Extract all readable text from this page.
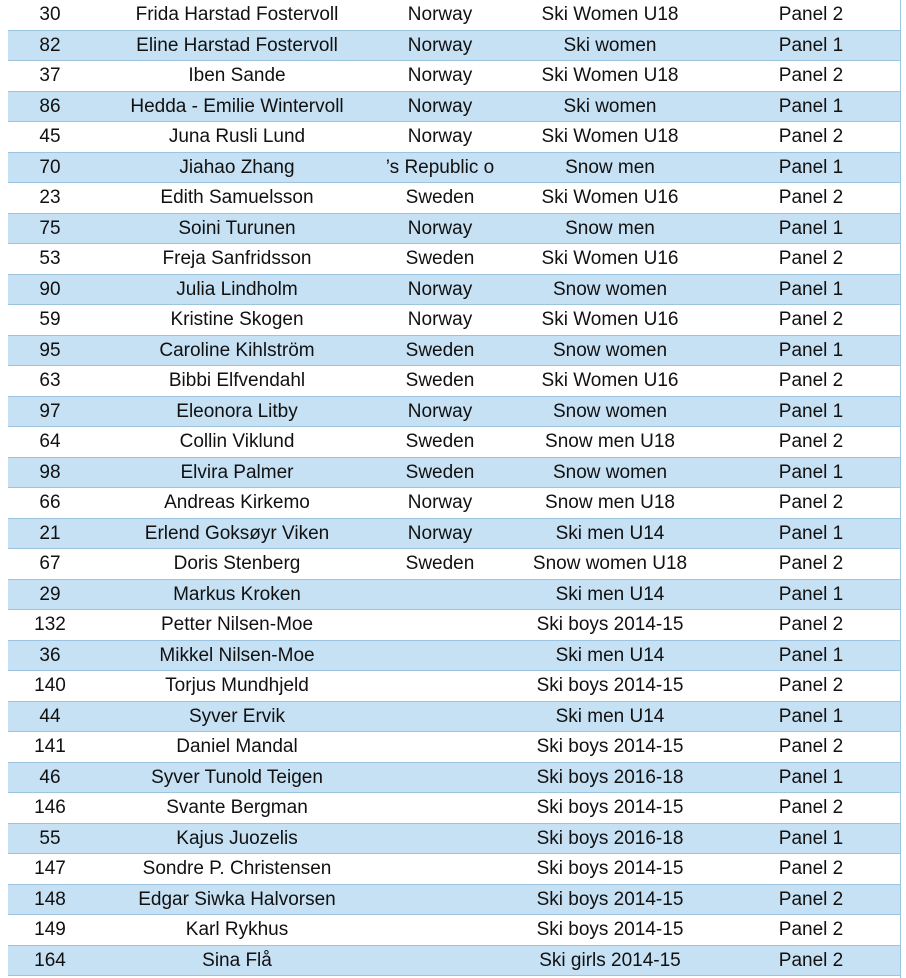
30	Frida Harstad Fostervoll	Norway	Ski Women U18	Panel 2
82	Eline Harstad Fostervoll	Norway	Ski women	Panel 1
37	Iben Sande	Norway	Ski Women U18	Panel 2
86	Hedda - Emilie Wintervoll	Norway	Ski women	Panel 1
45	Juna Rusli Lund	Norway	Ski Women U18	Panel 2
70	Jiahao Zhang	’s Republic o	Snow men	Panel 1
23	Edith Samuelsson	Sweden	Ski Women U16	Panel 2
75	Soini Turunen	Norway	Snow men	Panel 1
53	Freja Sanfridsson	Sweden	Ski Women U16	Panel 2
90	Julia Lindholm	Norway	Snow women	Panel 1
59	Kristine Skogen	Norway	Ski Women U16	Panel 2
95	Caroline Kihlström	Sweden	Snow women	Panel 1
63	Bibbi Elfvendahl	Sweden	Ski Women U16	Panel 2
97	Eleonora Litby	Norway	Snow women	Panel 1
64	Collin Viklund	Sweden	Snow men U18	Panel 2
98	Elvira Palmer	Sweden	Snow women	Panel 1
66	Andreas Kirkemo	Norway	Snow men U18	Panel 2
21	Erlend Goksøyr Viken	Norway	Ski men U14	Panel 1
67	Doris Stenberg	Sweden	Snow women U18	Panel 2
29	Markus Kroken		Ski men U14	Panel 1
132	Petter Nilsen-Moe		Ski boys 2014-15	Panel 2
36	Mikkel Nilsen-Moe		Ski men U14	Panel 1
140	Torjus Mundhjeld		Ski boys 2014-15	Panel 2
44	Syver Ervik		Ski men U14	Panel 1
141	Daniel Mandal		Ski boys 2014-15	Panel 2
46	Syver Tunold Teigen		Ski boys 2016-18	Panel 1
146	Svante Bergman		Ski boys 2014-15	Panel 2
55	Kajus Juozelis		Ski boys 2016-18	Panel 1
147	Sondre P. Christensen		Ski boys 2014-15	Panel 2
148	Edgar Siwka Halvorsen		Ski boys 2014-15	Panel 2
149	Karl Rykhus		Ski boys 2014-15	Panel 2
164	Sina Flå		Ski girls 2014-15	Panel 2
